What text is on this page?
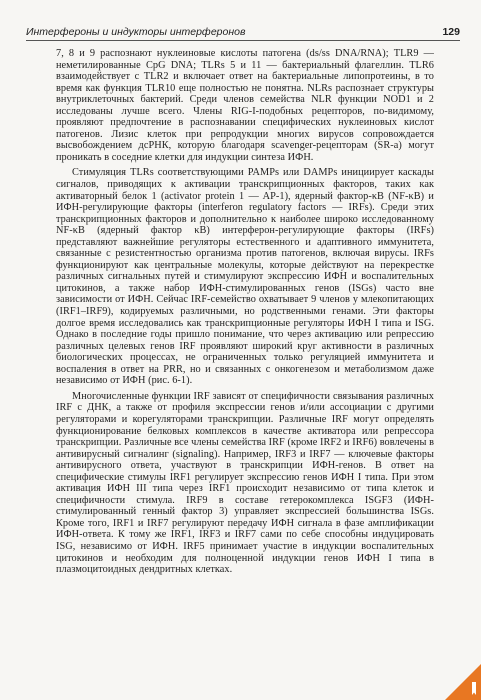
Интерфероны и индукторы интерферонов	129

7, 8 и 9 распознают нуклеиновые кислоты патогена (ds/ss DNA/RNA); TLR9 — неметилированные CpG DNA; TLRs 5 и 11 — бактериальный флагеллин. TLR6 взаимодействует с TLR2 и включает ответ на бактериальные липопротеины, в то время как функция TLR10 еще полностью не понятна. NLRs распознает структуры внутриклеточных бактерий. Среди членов семейства NLR функции NOD1 и 2 исследованы лучше всего. Члены RIG-I-подобных рецепторов, по-видимому, проявляют предпочтение в распознавании специфических нуклеиновых кислот патогенов. Лизис клеток при репродукции многих вирусов сопровождается высвобождением дсРНК, которую благодаря scavenger-рецепторам (SR-a) могут проникать в соседние клетки для индукции синтеза ИФН.

Стимуляция TLRs соответствующими PAMPs или DAMPs инициирует каскады сигналов, приводящих к активации транскрипционных факторов, таких как активаторный белок 1 (activator protein 1 — AP-1), ядерный фактор-κB (NF-κB) и ИФН-регулирующие факторы (interferon regulatory factors — IRFs). Среди этих транскрипционных факторов и дополнительно к наиболее широко исследованному NF-κB (ядерный фактор κB) интерферон-регулирующие факторы (IRFs) представляют важнейшие регуляторы естественного и адаптивного иммунитета, связанные с резистентностью организма против патогенов, включая вирусы. IRFs функционируют как центральные молекулы, которые действуют на перекрестке различных сигнальных путей и стимулируют экспрессию ИФН и воспалительных цитокинов, а также набор ИФН-стимулированных генов (ISGs) часто вне зависимости от ИФН. Сейчас IRF-семейство охватывает 9 членов у млекопитающих (IRF1–IRF9), кодируемых различными, но родственными генами. Эти факторы долгое время исследовались как транскрипционные регуляторы ИФН I типа и ISG. Однако в последние годы пришло понимание, что через активацию или репрессию различных целевых генов IRF проявляют широкий круг активности в различных биологических процессах, не ограниченных только регуляцией иммунитета и воспаления в ответ на PRR, но и связанных с онкогенезом и метаболизмом даже независимо от ИФН (рис. 6-1).

Многочисленные функции IRF зависят от специфичности связывания различных IRF с ДНК, а также от профиля экспрессии генов и/или ассоциации с другими регуляторами и корегуляторами транскрипции. Различные IRF могут определять функционирование белковых комплексов в качестве активатора или репрессора транскрипции. Различные все члены семейства IRF (кроме IRF2 и IRF6) вовлечены в антивирусный сигналинг (signaling). Например, IRF3 и IRF7 — ключевые факторы антивирусного ответа, участвуют в транскрипции ИФН-генов. В ответ на специфические стимулы IRF1 регулирует экспрессию генов ИФН I типа. При этом активация ИФН III типа через IRF1 происходит независимо от типа клеток и специфичности стимула. IRF9 в составе гетерокомплекса ISGF3 (ИФН-стимулированный генный фактор 3) управляет экспрессией большинства ISGs. Кроме того, IRF1 и IRF7 регулируют передачу ИФН сигнала в фазе амплификации ИФН-ответа. К тому же IRF1, IRF3 и IRF7 сами по себе способны индуцировать ISG, независимо от ИФН. IRF5 принимает участие в индукции воспалительных цитокинов и необходим для полноценной индукции генов ИФН I типа в плазмоцитоидных дендритных клетках.
